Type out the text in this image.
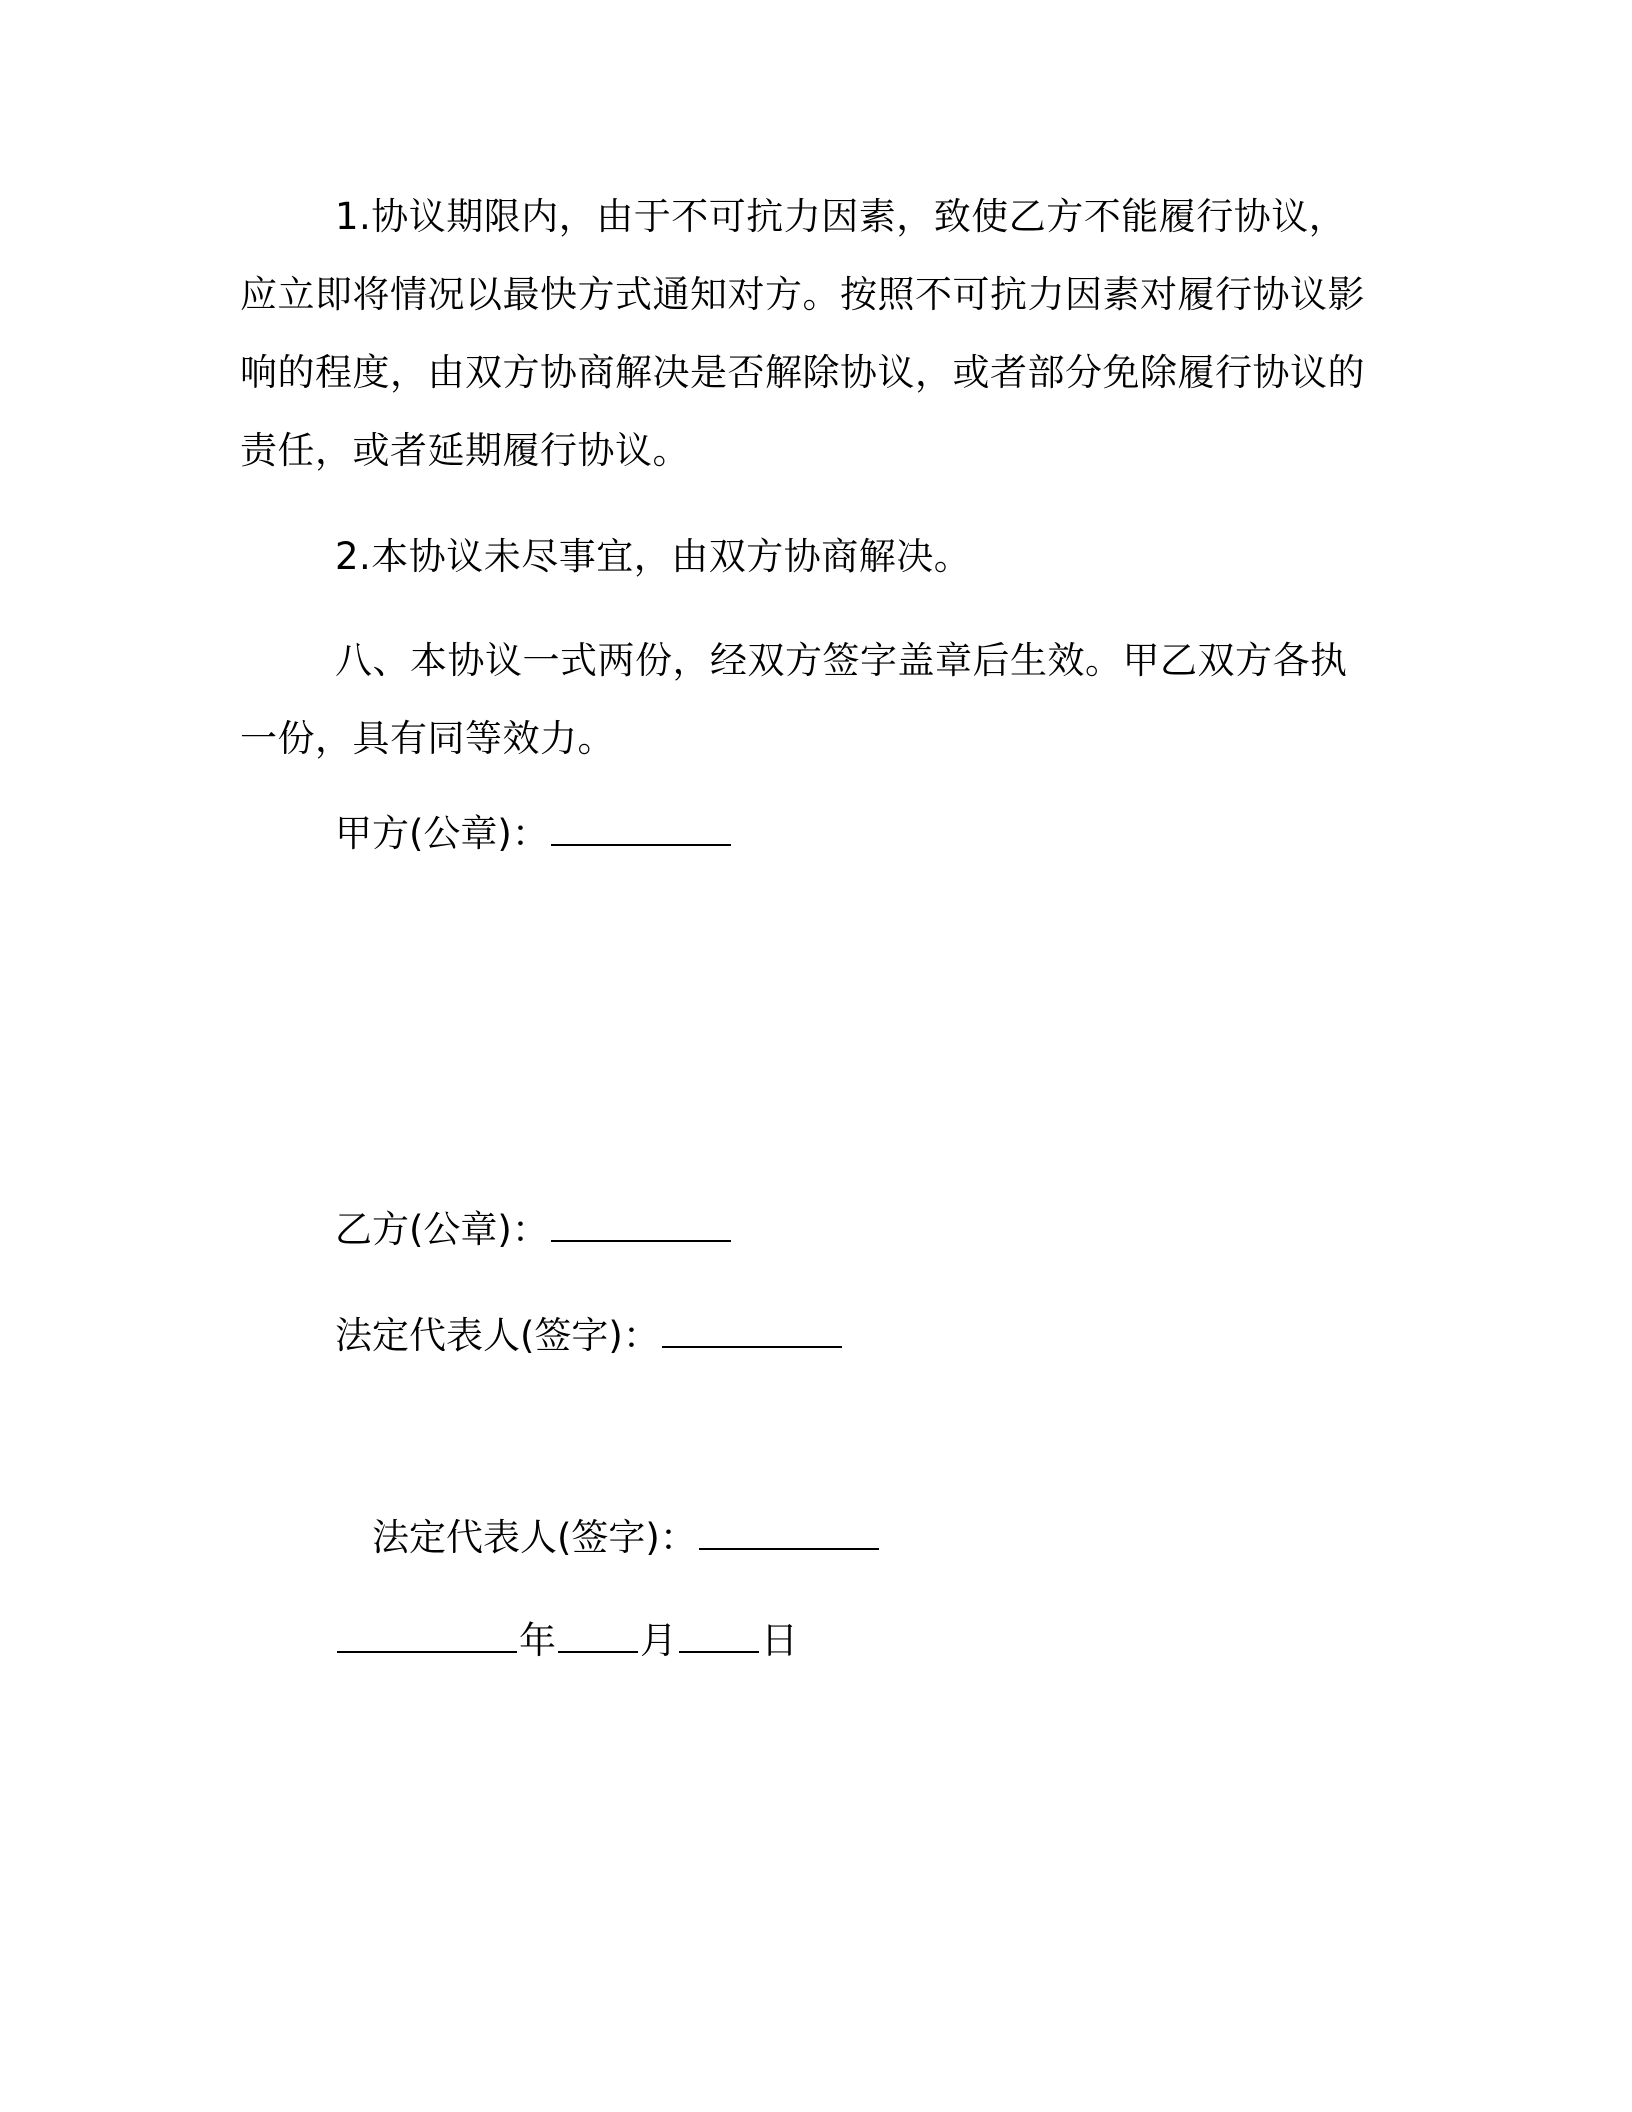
1.协议期限内，由于不可抗力因素，致使乙方不能履行协议，应立即将情况以最快方式通知对方。按照不可抗力因素对履行协议影响的程度，由双方协商解决是否解除协议，或者部分免除履行协议的责任，或者延期履行协议。

2.本协议未尽事宜，由双方协商解决。

八、本协议一式两份，经双方签字盖章后生效。甲乙双方各执一份，具有同等效力。

甲方(公章)：
乙方(公章)：
法定代表人(签字)：
法定代表人(签字)：
年 月 日
